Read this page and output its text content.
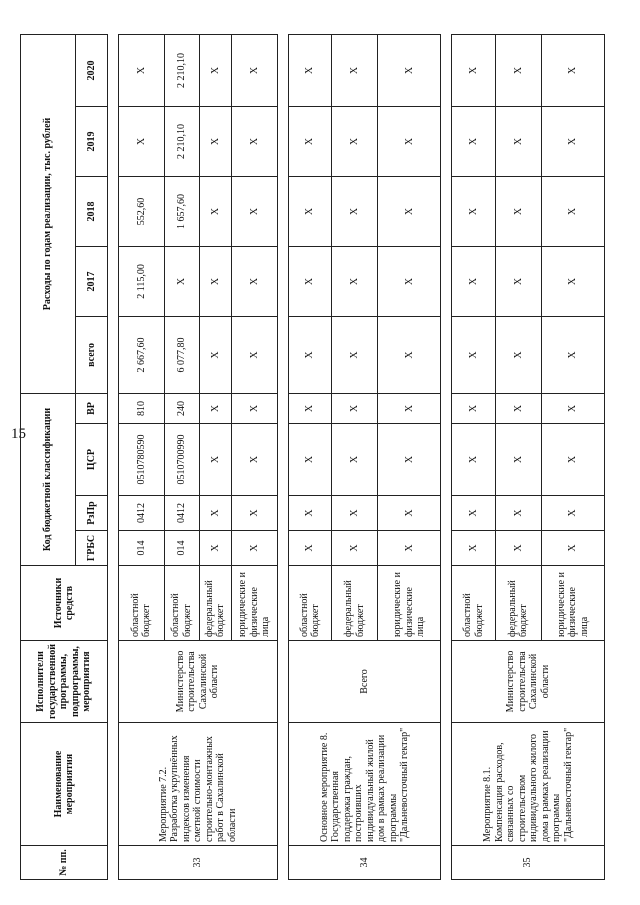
15
№ пп.	Наименование мероприятия	Исполнители государственной программы, подпрограммы, мероприятия	Источники средств	Код бюджетной классификации				Расходы по годам реализации, тыс. рублей				
				ГРБС	РзПр	ЦСР	ВР	всего	2017	2018	2019	2020

33	Мероприятие 7.2. Разработка укрупнённых индексов изменения сметной стоимости строительно-монтажных работ в Сахалинской области	Министерство строительства Сахалинской области	областной бюджет	014	0412	0510780590	810	2 667,60	2 115,00	552,60	Х	Х
			областной бюджет	014	0412	0510700990	240	6 077,80	Х	1 657,60	2 210,10	2 210,10
			федеральный бюджет	Х	Х	Х	Х	Х	Х	Х	Х	Х
			юридические и физические лица	Х	Х	Х	Х	Х	Х	Х	Х	Х

34	Основное мероприятие 8. Государственная поддержка граждан, построивших индивидуальный жилой дом в рамках реализации программы "Дальневосточный гектар"	Всего	областной бюджет	Х	Х	Х	Х	Х	Х	Х	Х	Х
			федеральный бюджет	Х	Х	Х	Х	Х	Х	Х	Х	Х
			юридические и физические лица	Х	Х	Х	Х	Х	Х	Х	Х	Х

35	Мероприятие 8.1. Компенсация расходов, связанных со строительством индивидуального жилого дома в рамках реализации программы "Дальневосточный гектар"	Министерство строительства Сахалинской области	областной бюджет	Х	Х	Х	Х	Х	Х	Х	Х	Х
			федеральный бюджет	Х	Х	Х	Х	Х	Х	Х	Х	Х
			юридические и физические лица	Х	Х	Х	Х	Х	Х	Х	Х	Х
